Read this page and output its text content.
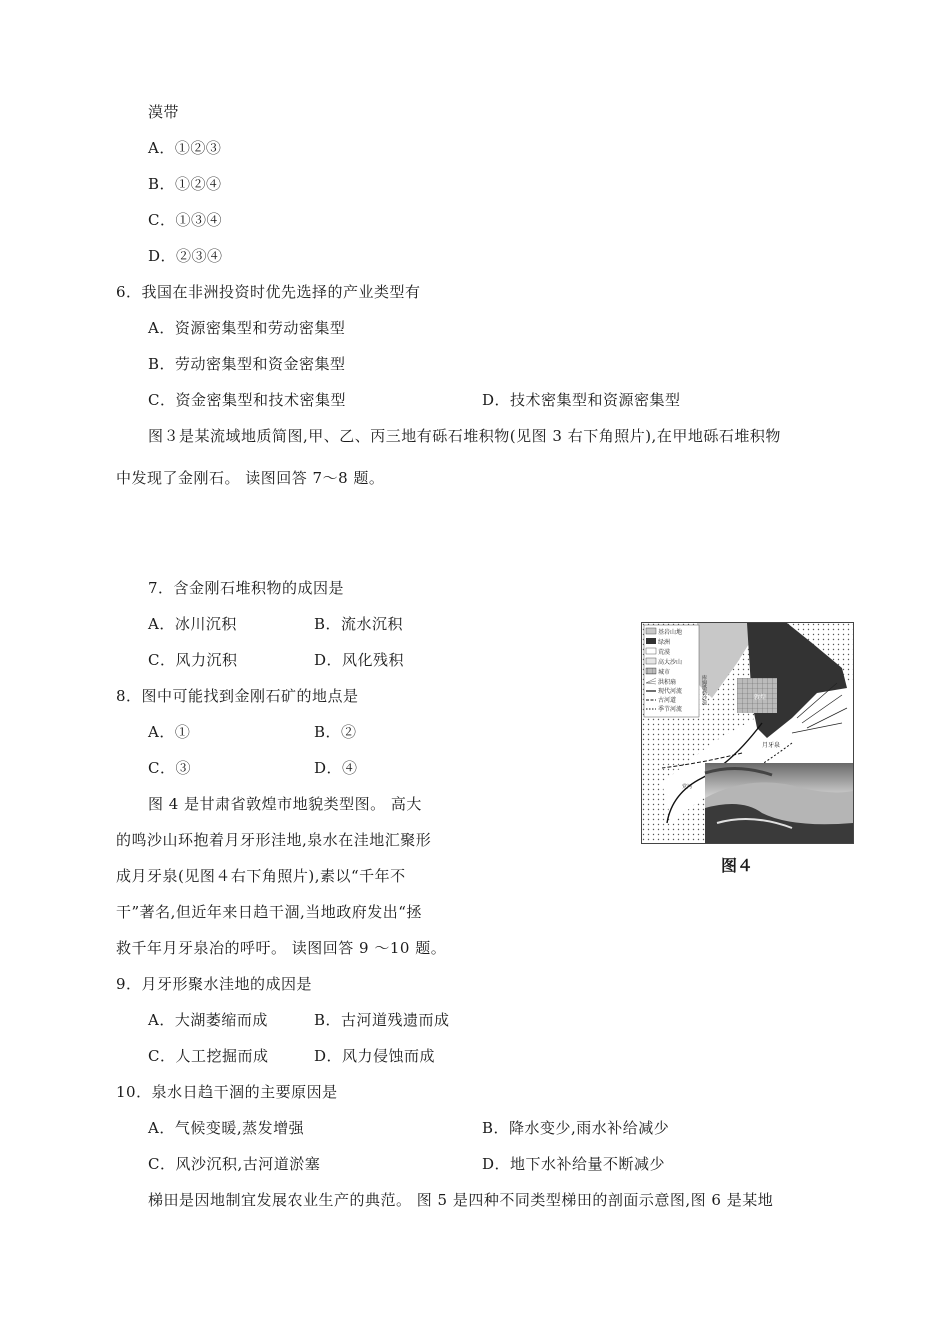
漠带
A．①②③
B．①②④
C．①③④
D．②③④
6．我国在非洲投资时优先选择的产业类型有
A．资源密集型和劳动密集型
B．劳动密集型和资金密集型
C．资金密集型和技术密集型	D．技术密集型和资源密集型
图３是某流域地质简图,甲、乙、丙三地有砾石堆积物(见图 3 右下角照片),在甲地砾石堆积物
中发现了金刚石。 读图回答 7～8 题。
7．含金刚石堆积物的成因是
A．冰川沉积	B．流水沉积
C．风力沉积	D．风化残积
8．图中可能找到金刚石矿的地点是
A．①	B．②
C．③	D．④
图 4 是甘肃省敦煌市地貌类型图。 高大
的鸣沙山环抱着月牙形洼地,泉水在洼地汇聚形
成月牙泉(见图４右下角照片),素以“千年不
干”著名,但近年来日趋干涸,当地政府发出“拯
救千年月牙泉冶的呼吁。 读图回答 9 ～10 题。
9．月牙形聚水洼地的成因是
A．大湖萎缩而成	B．古河道残遗而成
C．人工挖掘而成	D．风力侵蚀而成
10．泉水日趋干涸的主要原因是
A．气候变暖,蒸发增强	B．降水变少,雨水补给减少
C．风沙沉积,古河道淤塞	D．地下水补给量不断减少
梯田是因地制宜发展农业生产的典范。 图 5 是四种不同类型梯田的剖面示意图,图 6 是某地
基岩山地
绿洲
荒漠
高大沙山
城市
洪积扇
现代河流
古河道
季节河流
敦煌
月牙泉
库姆塔格沙漠
党河
图４
